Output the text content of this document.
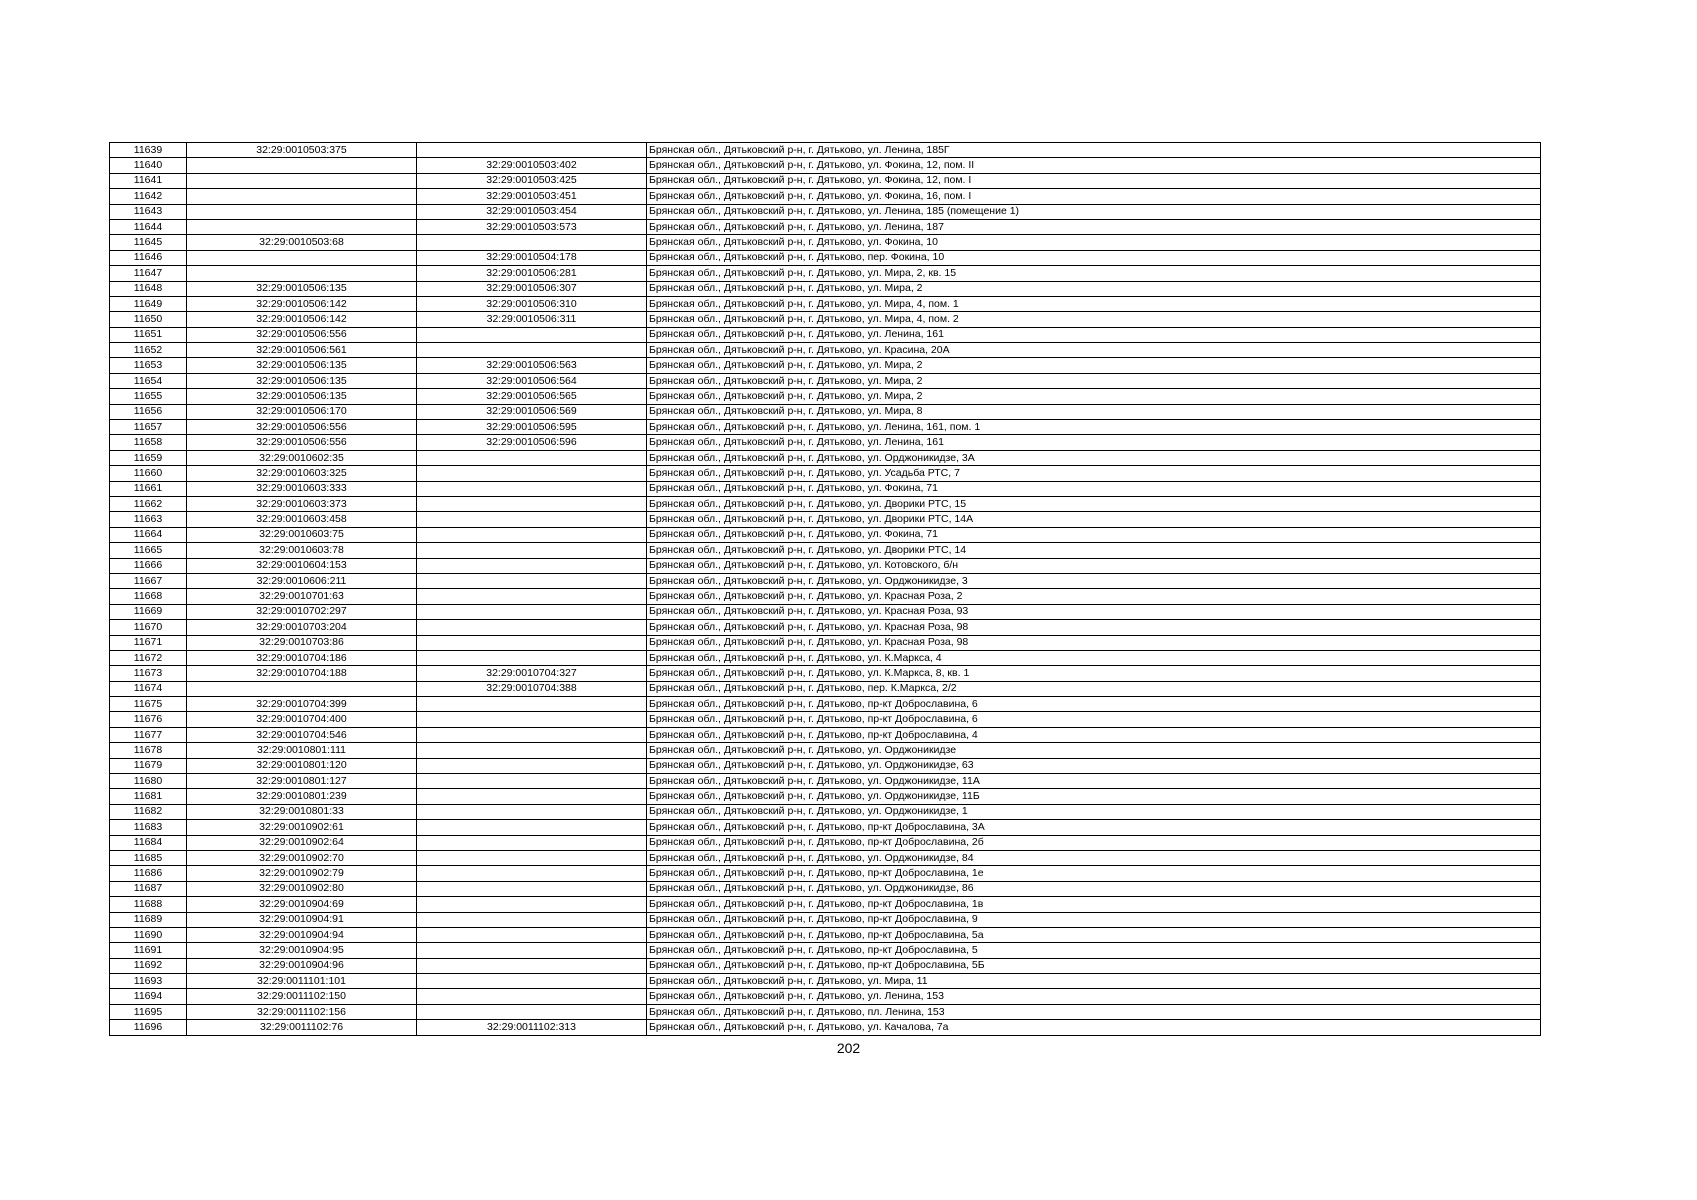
11639	32:29:0010503:375		Брянская обл., Дятьковский р-н, г. Дятьково, ул. Ленина, 185Г
11640		32:29:0010503:402	Брянская обл., Дятьковский р-н, г. Дятьково, ул. Фокина, 12, пом. II
11641		32:29:0010503:425	Брянская обл., Дятьковский р-н, г. Дятьково, ул. Фокина, 12, пом. I
11642		32:29:0010503:451	Брянская обл., Дятьковский р-н, г. Дятьково, ул. Фокина, 16, пом. I
11643		32:29:0010503:454	Брянская обл., Дятьковский р-н, г. Дятьково, ул. Ленина, 185 (помещение 1)
11644		32:29:0010503:573	Брянская обл., Дятьковский р-н, г. Дятьково, ул. Ленина, 187
11645	32:29:0010503:68		Брянская обл., Дятьковский р-н, г. Дятьково, ул. Фокина, 10
11646		32:29:0010504:178	Брянская обл., Дятьковский р-н, г. Дятьково, пер. Фокина, 10
11647		32:29:0010506:281	Брянская обл., Дятьковский р-н, г. Дятьково, ул. Мира, 2, кв. 15
11648	32:29:0010506:135	32:29:0010506:307	Брянская обл., Дятьковский р-н, г. Дятьково, ул. Мира, 2
11649	32:29:0010506:142	32:29:0010506:310	Брянская обл., Дятьковский р-н, г. Дятьково, ул. Мира, 4, пом. 1
11650	32:29:0010506:142	32:29:0010506:311	Брянская обл., Дятьковский р-н, г. Дятьково, ул. Мира, 4, пом. 2
11651	32:29:0010506:556		Брянская обл., Дятьковский р-н, г. Дятьково, ул. Ленина, 161
11652	32:29:0010506:561		Брянская обл., Дятьковский р-н, г. Дятьково, ул. Красина, 20А
11653	32:29:0010506:135	32:29:0010506:563	Брянская обл., Дятьковский р-н, г. Дятьково, ул. Мира, 2
11654	32:29:0010506:135	32:29:0010506:564	Брянская обл., Дятьковский р-н, г. Дятьково, ул. Мира, 2
11655	32:29:0010506:135	32:29:0010506:565	Брянская обл., Дятьковский р-н, г. Дятьково, ул. Мира, 2
11656	32:29:0010506:170	32:29:0010506:569	Брянская обл., Дятьковский р-н, г. Дятьково, ул. Мира, 8
11657	32:29:0010506:556	32:29:0010506:595	Брянская обл., Дятьковский р-н, г. Дятьково, ул. Ленина, 161, пом. 1
11658	32:29:0010506:556	32:29:0010506:596	Брянская обл., Дятьковский р-н, г. Дятьково, ул. Ленина, 161
11659	32:29:0010602:35		Брянская обл., Дятьковский р-н, г. Дятьково, ул. Орджоникидзе, 3А
11660	32:29:0010603:325		Брянская обл., Дятьковский р-н, г. Дятьково, ул. Усадьба РТС, 7
11661	32:29:0010603:333		Брянская обл., Дятьковский р-н, г. Дятьково, ул. Фокина, 71
11662	32:29:0010603:373		Брянская обл., Дятьковский р-н, г. Дятьково, ул. Дворики РТС, 15
11663	32:29:0010603:458		Брянская обл., Дятьковский р-н, г. Дятьково, ул. Дворики РТС, 14А
11664	32:29:0010603:75		Брянская обл., Дятьковский р-н, г. Дятьково, ул. Фокина, 71
11665	32:29:0010603:78		Брянская обл., Дятьковский р-н, г. Дятьково, ул. Дворики РТС, 14
11666	32:29:0010604:153		Брянская обл., Дятьковский р-н, г. Дятьково, ул. Котовского, б/н
11667	32:29:0010606:211		Брянская обл., Дятьковский р-н, г. Дятьково, ул. Орджоникидзе, 3
11668	32:29:0010701:63		Брянская обл., Дятьковский р-н, г. Дятьково, ул. Красная Роза, 2
11669	32:29:0010702:297		Брянская обл., Дятьковский р-н, г. Дятьково, ул. Красная Роза, 93
11670	32:29:0010703:204		Брянская обл., Дятьковский р-н, г. Дятьково, ул. Красная Роза, 98
11671	32:29:0010703:86		Брянская обл., Дятьковский р-н, г. Дятьково, ул. Красная Роза, 98
11672	32:29:0010704:186		Брянская обл., Дятьковский р-н, г. Дятьково, ул. К.Маркса, 4
11673	32:29:0010704:188	32:29:0010704:327	Брянская обл., Дятьковский р-н, г. Дятьково, ул. К.Маркса, 8, кв. 1
11674		32:29:0010704:388	Брянская обл., Дятьковский р-н, г. Дятьково, пер. К.Маркса, 2/2
11675	32:29:0010704:399		Брянская обл., Дятьковский р-н, г. Дятьково, пр-кт Доброславина, 6
11676	32:29:0010704:400		Брянская обл., Дятьковский р-н, г. Дятьково, пр-кт Доброславина, 6
11677	32:29:0010704:546		Брянская обл., Дятьковский р-н, г. Дятьково, пр-кт Доброславина, 4
11678	32:29:0010801:111		Брянская обл., Дятьковский р-н, г. Дятьково, ул. Орджоникидзе
11679	32:29:0010801:120		Брянская обл., Дятьковский р-н, г. Дятьково, ул. Орджоникидзе, 63
11680	32:29:0010801:127		Брянская обл., Дятьковский р-н, г. Дятьково, ул. Орджоникидзе, 11А
11681	32:29:0010801:239		Брянская обл., Дятьковский р-н, г. Дятьково, ул. Орджоникидзе, 11Б
11682	32:29:0010801:33		Брянская обл., Дятьковский р-н, г. Дятьково, ул. Орджоникидзе, 1
11683	32:29:0010902:61		Брянская обл., Дятьковский р-н, г. Дятьково, пр-кт Доброславина, 3А
11684	32:29:0010902:64		Брянская обл., Дятьковский р-н, г. Дятьково, пр-кт Доброславина, 2б
11685	32:29:0010902:70		Брянская обл., Дятьковский р-н, г. Дятьково, ул. Орджоникидзе, 84
11686	32:29:0010902:79		Брянская обл., Дятьковский р-н, г. Дятьково, пр-кт Доброславина, 1е
11687	32:29:0010902:80		Брянская обл., Дятьковский р-н, г. Дятьково, ул. Орджоникидзе, 86
11688	32:29:0010904:69		Брянская обл., Дятьковский р-н, г. Дятьково, пр-кт Доброславина, 1в
11689	32:29:0010904:91		Брянская обл., Дятьковский р-н, г. Дятьково, пр-кт Доброславина, 9
11690	32:29:0010904:94		Брянская обл., Дятьковский р-н, г. Дятьково, пр-кт Доброславина, 5а
11691	32:29:0010904:95		Брянская обл., Дятьковский р-н, г. Дятьково, пр-кт Доброславина, 5
11692	32:29:0010904:96		Брянская обл., Дятьковский р-н, г. Дятьково, пр-кт Доброславина, 5Б
11693	32:29:0011101:101		Брянская обл., Дятьковский р-н, г. Дятьково, ул. Мира, 11
11694	32:29:0011102:150		Брянская обл., Дятьковский р-н, г. Дятьково, ул. Ленина, 153
11695	32:29:0011102:156		Брянская обл., Дятьковский р-н, г. Дятьково, пл. Ленина, 153
11696	32:29:0011102:76	32:29:0011102:313	Брянская обл., Дятьковский р-н, г. Дятьково, ул. Качалова, 7а
202
